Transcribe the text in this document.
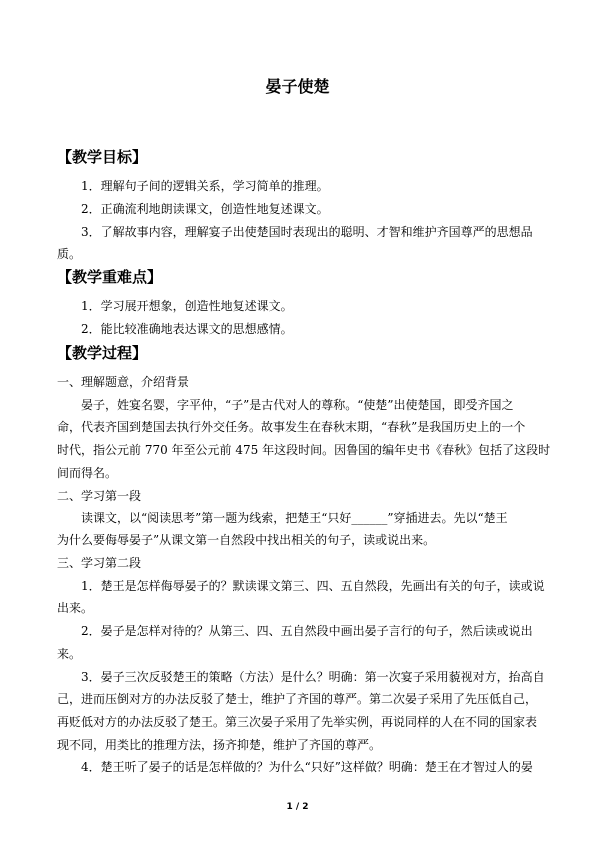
晏子使楚
【教学目标】
1．理解句子间的逻辑关系，学习简单的推理。
2．正确流利地朗读课文，创造性地复述课文。
3．了解故事内容，理解宴子出使楚国时表现出的聪明、才智和维护齐国尊严的思想品
质。
【教学重难点】
1．学习展开想象，创造性地复述课文。
2．能比较准确地表达课文的思想感情。
【教学过程】
一、理解题意，介绍背景
晏子，姓宴名婴，字平仲，“子”是古代对人的尊称。“使楚”出使楚国，即受齐国之
命，代表齐国到楚国去执行外交任务。故事发生在春秋末期，“春秋”是我国历史上的一个
时代，指公元前 770 年至公元前 475 年这段时间。因鲁国的编年史书《春秋》包括了这段时
间而得名。
二、学习第一段
读课文，以“阅读思考”第一题为线索，把楚王“只好______”穿插进去。先以“楚王
为什么要侮辱晏子”从课文第一自然段中找出相关的句子，读或说出来。
三、学习第二段
1．楚王是怎样侮辱晏子的？默读课文第三、四、五自然段，先画出有关的句子，读或说
出来。
2．晏子是怎样对待的？从第三、四、五自然段中画出晏子言行的句子，然后读或说出
来。
3．晏子三次反驳楚王的策略（方法）是什么？明确：第一次宴子采用藐视对方，抬高自
己，进而压倒对方的办法反驳了楚士，维护了齐国的尊严。第二次晏子采用了先压低自己，
再贬低对方的办法反驳了楚王。第三次晏子采用了先举实例，再说同样的人在不同的国家表
现不同，用类比的推理方法，扬齐抑楚，维护了齐国的尊严。
4．楚王听了晏子的话是怎样做的？为什么“只好”这样做？明确：楚王在才智过人的晏
1 / 2
